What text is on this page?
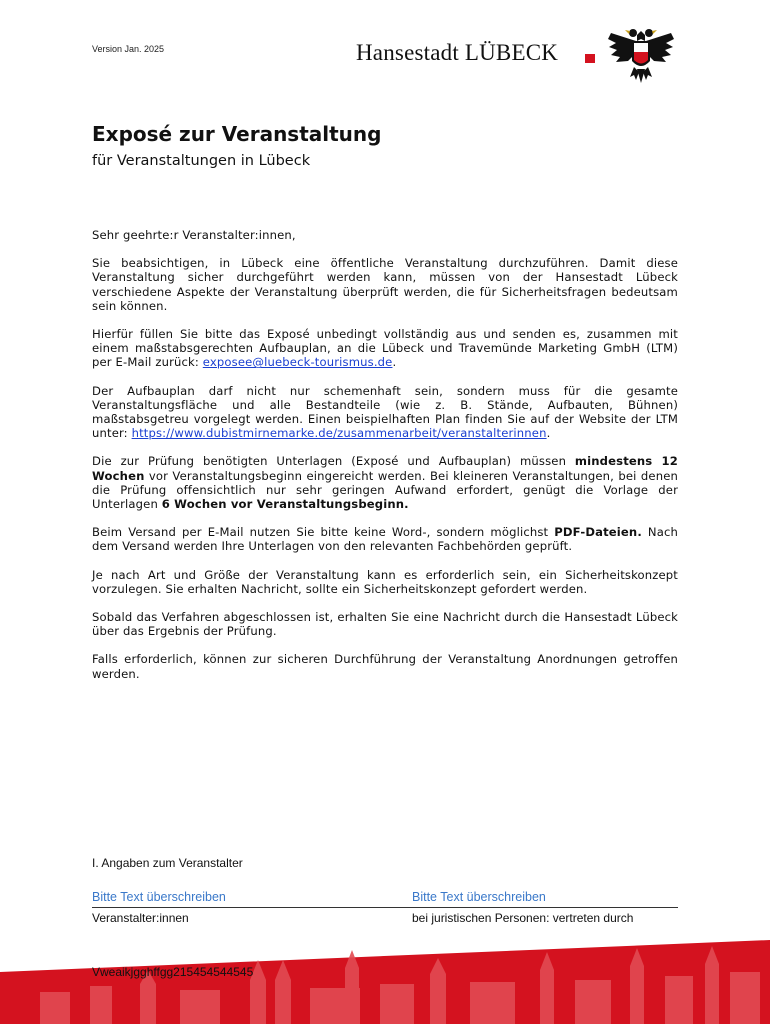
Version Jan. 2025	Hansestadt LÜBECK
Exposé zur Veranstaltung
für Veranstaltungen in Lübeck

Sehr geehrte:r Veranstalter:innen,

Sie beabsichtigen, in Lübeck eine öffentliche Veranstaltung durchzuführen. Damit diese Veranstaltung sicher durchgeführt werden kann, müssen von der Hansestadt Lübeck verschiedene Aspekte der Veranstaltung überprüft werden, die für Sicherheitsfragen bedeutsam sein können.

Hierfür füllen Sie bitte das Exposé unbedingt vollständig aus und senden es, zusammen mit einem maßstabsgerechten Aufbauplan, an die Lübeck und Travemünde Marketing GmbH (LTM) per E-Mail zurück: exposee@luebeck-tourismus.de.

Der Aufbauplan darf nicht nur schemenhaft sein, sondern muss für die gesamte Veranstaltungsfläche und alle Bestandteile (wie z. B. Stände, Aufbauten, Bühnen) maßstabsgetreu vorgelegt werden. Einen beispielhaften Plan finden Sie auf der Website der LTM unter: https://www.dubistmirnemarke.de/zusammenarbeit/veranstalterinnen.

Die zur Prüfung benötigten Unterlagen (Exposé und Aufbauplan) müssen mindestens 12 Wochen vor Veranstaltungsbeginn eingereicht werden. Bei kleineren Veranstaltungen, bei denen die Prüfung offensichtlich nur sehr geringen Aufwand erfordert, genügt die Vorlage der Unterlagen 6 Wochen vor Veranstaltungsbeginn.

Beim Versand per E-Mail nutzen Sie bitte keine Word-, sondern möglichst PDF-Dateien. Nach dem Versand werden Ihre Unterlagen von den relevanten Fachbehörden geprüft.

Je nach Art und Größe der Veranstaltung kann es erforderlich sein, ein Sicherheitskonzept vorzulegen. Sie erhalten Nachricht, sollte ein Sicherheitskonzept gefordert werden.

Sobald das Verfahren abgeschlossen ist, erhalten Sie eine Nachricht durch die Hansestadt Lübeck über das Ergebnis der Prüfung.

Falls erforderlich, können zur sicheren Durchführung der Veranstaltung Anordnungen getroffen werden.

I. Angaben zum Veranstalter
Bitte Text überschreiben	Bitte Text überschreiben
Veranstalter:innen	bei juristischen Personen: vertreten durch
Vweaikjgghffgg215454544545
